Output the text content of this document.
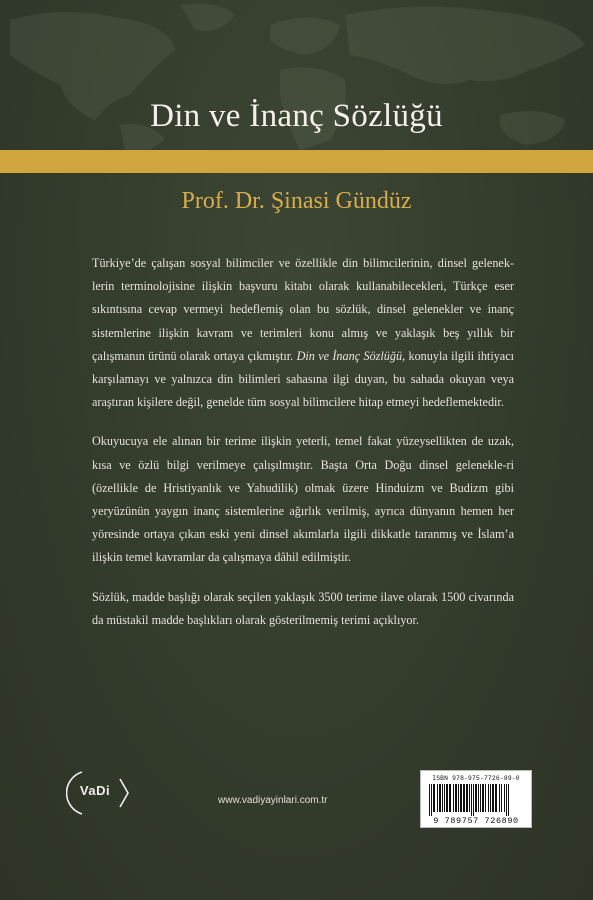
Din ve İnanç Sözlüğü
Prof. Dr. Şinasi Gündüz

Türkiye’de çalışan sosyal bilimciler ve özellikle din bilimcilerinin, dinsel gelenek-lerin terminolojisine ilişkin başvuru kitabı olarak kullanabilecekleri, Türkçe eser sıkıntısına cevap vermeyi hedeflemiş olan bu sözlük, dinsel gelenekler ve inanç sistemlerine ilişkin kavram ve terimleri konu almış ve yaklaşık beş yıllık bir çalışmanın ürünü olarak ortaya çıkmıştır. Din ve İnanç Sözlüğü, konuyla ilgili ihtiyacı karşılamayı ve yalnızca din bilimleri sahasına ilgi duyan, bu sahada okuyan veya araştıran kişilere değil, genelde tüm sosyal bilimcilere hitap etmeyi hedeflemektedir.

Okuyucuya ele alınan bir terime ilişkin yeterli, temel fakat yüzeysellikten de uzak, kısa ve özlü bilgi verilmeye çalışılmıştır. Başta Orta Doğu dinsel gelenekle-ri (özellikle de Hristiyanlık ve Yahudilik) olmak üzere Hinduizm ve Budizm gibi yeryüzünün yaygın inanç sistemlerine ağırlık verilmiş, ayrıca dünyanın hemen her yöresinde ortaya çıkan eski yeni dinsel akımlarla ilgili dikkatle taranmış ve İslam’a ilişkin temel kavramlar da çalışmaya dâhil edilmiştir.

Sözlük, madde başlığı olarak seçilen yaklaşık 3500 terime ilave olarak 1500 civarında da müstakil madde başlıkları olarak gösterilmemiş terimi açıklıyor.

VaDi
www.vadiyayinlari.com.tr
ISBN 978-975-7726-89-0
9 789757 726890
